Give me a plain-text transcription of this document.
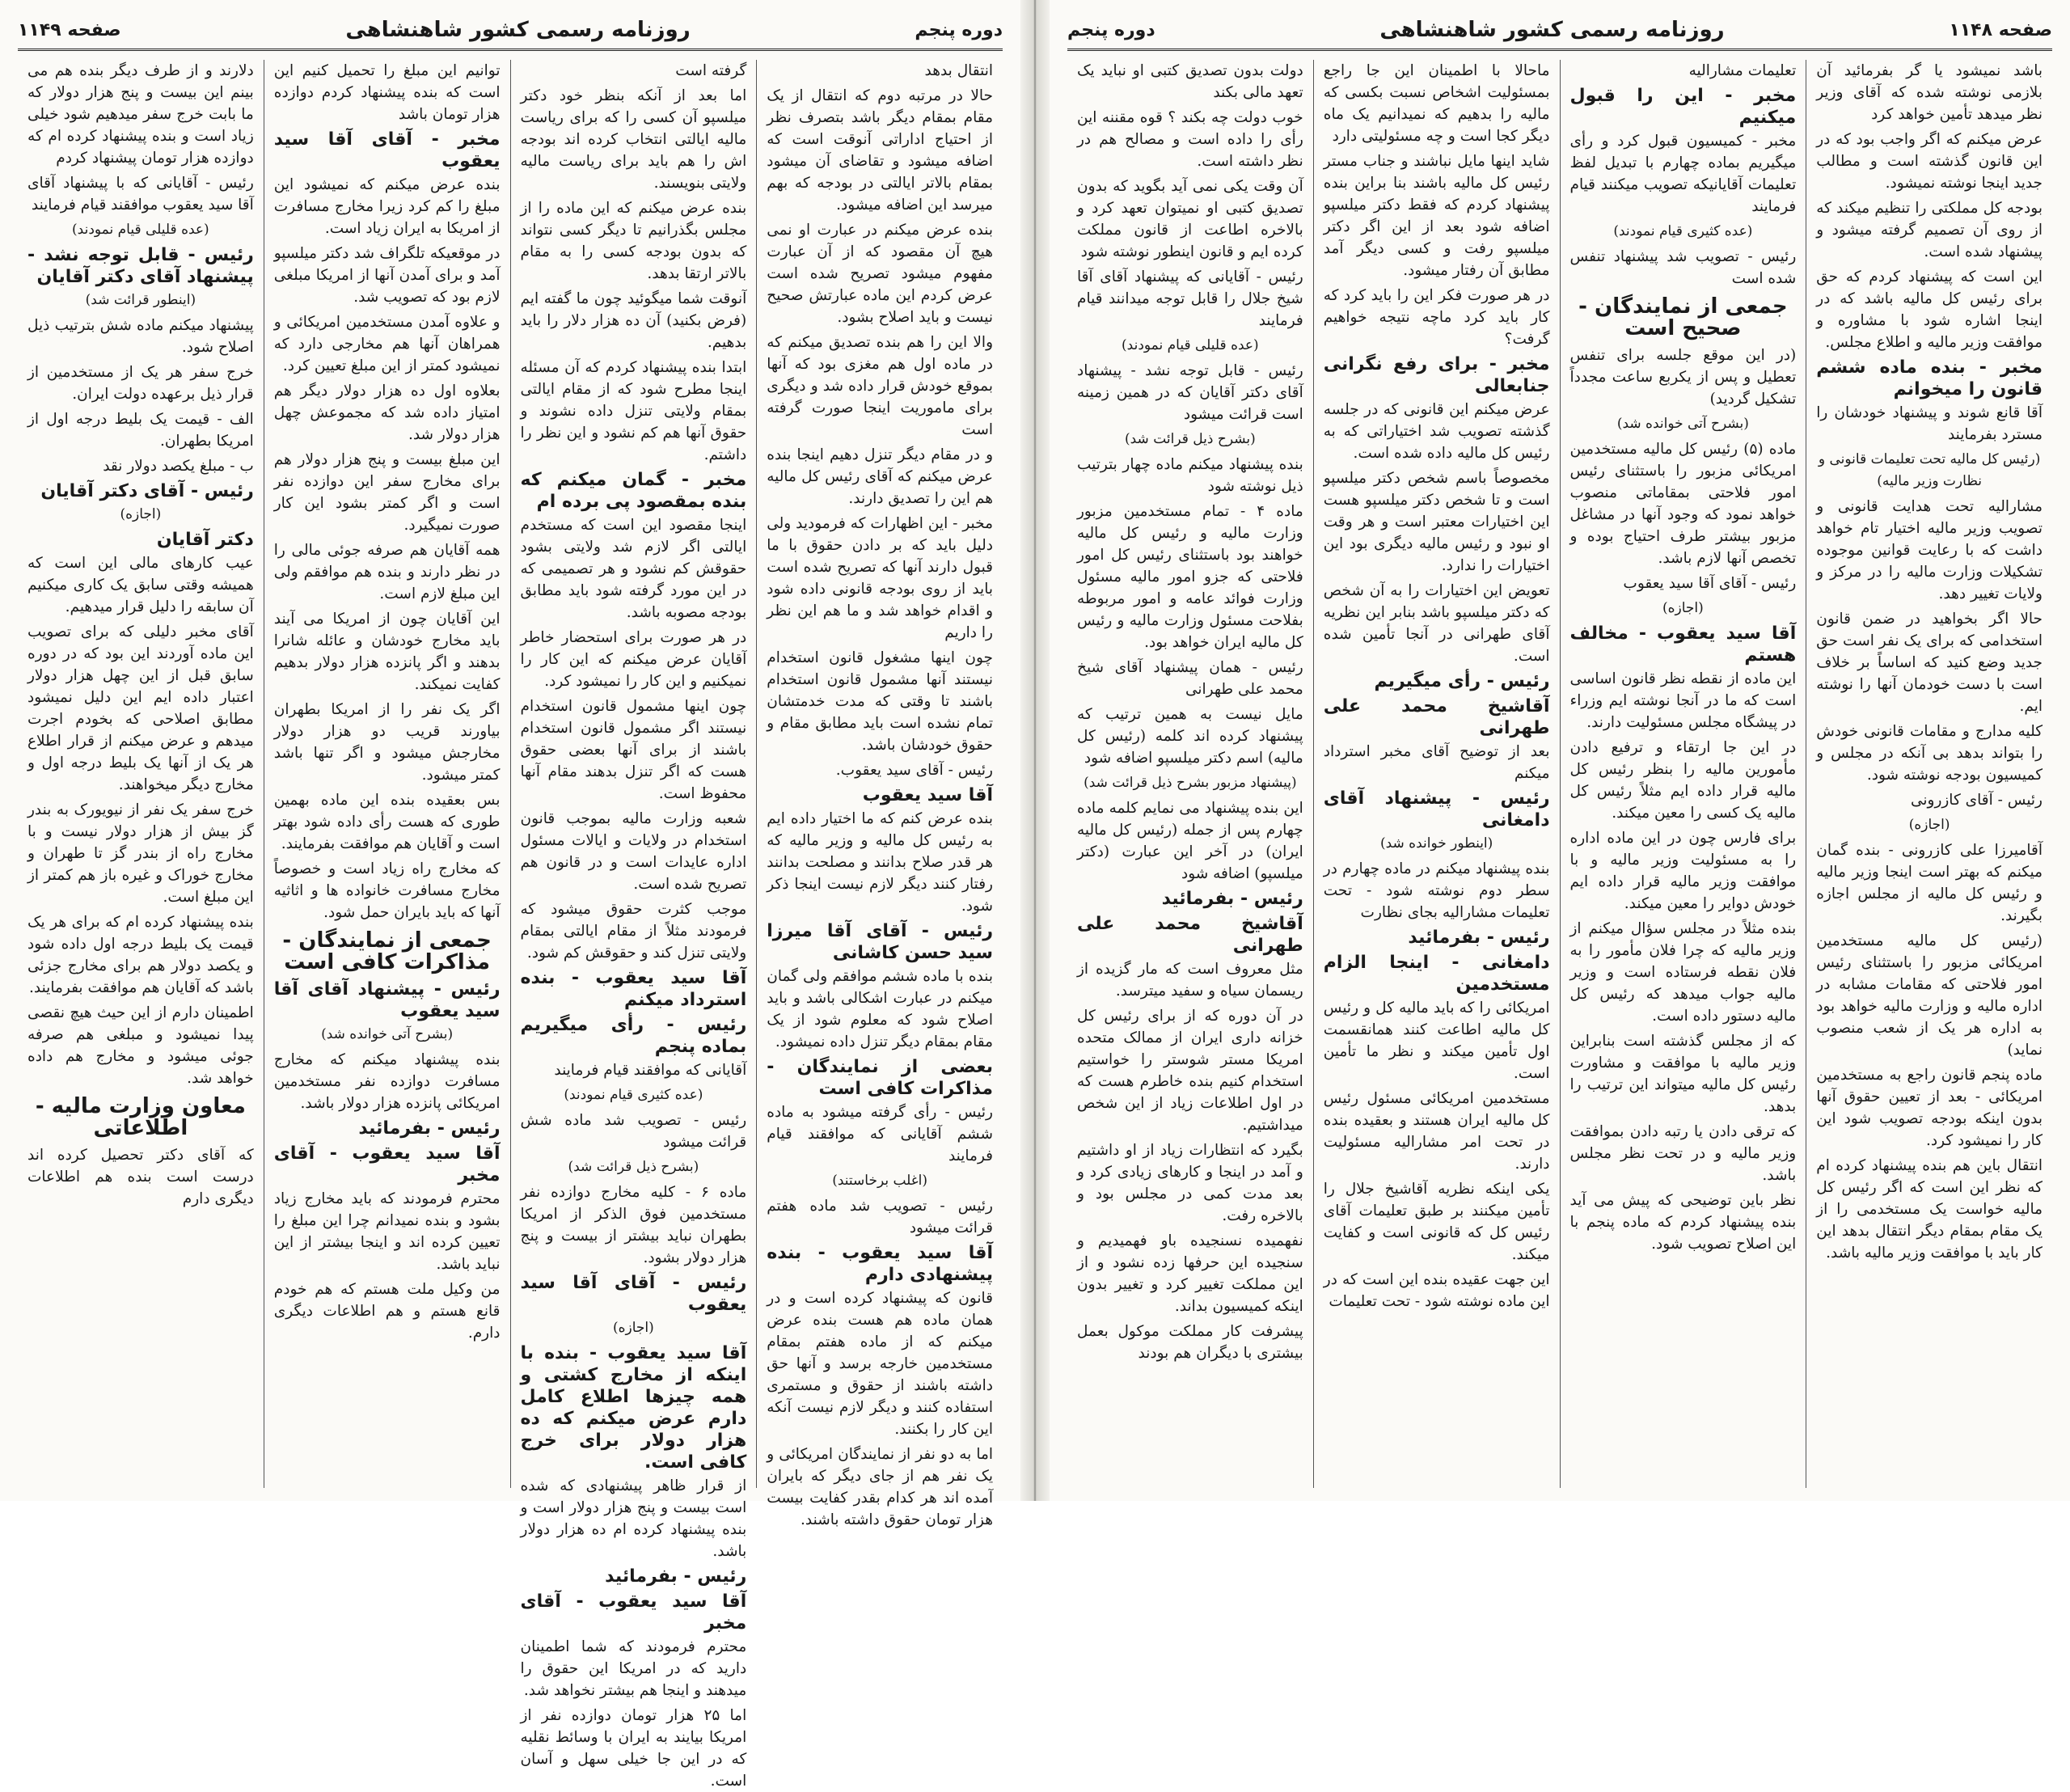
دوره پنجم
روزنامه رسمی کشور شاهنشاهی
صفحه ۱۱۴۹

انتقال بدهد

حالا در مرتبه دوم که انتقال از یک مقام بمقام دیگر باشد بتصرف نظر از احتیاج اداراتی آنوقت است که اضافه میشود و تقاضای آن میشود بمقام بالاتر ایالتی در بودجه که بهم میرسد این اضافه میشود.

بنده عرض میکنم در عبارت او نمی هیچ آن مقصود که از آن عبارت مفهوم میشود تصریح شده است عرض کردم این ماده عبارتش صحیح نیست و باید اصلاح بشود.

والا این را هم بنده تصدیق میکنم که در ماده اول هم مغزی بود که آنها بموقع خودش قرار داده شد و دیگری برای ماموریت اینجا صورت گرفته است

و در مقام دیگر تنزل دهیم اینجا بنده عرض میکنم که آقای رئیس کل مالیه هم این را تصدیق دارند.

مخبر - این اظهارات که فرمودید ولی دلیل باید که بر دادن حقوق با ما قبول دارند آنها که تصریح شده است باید از روی بودجه قانونی داده شود و اقدام خواهد شد و ما هم این نظر را داریم

چون اینها مشغول قانون استخدام نیستند آنها مشمول قانون استخدام باشند تا وقتی که مدت خدمتشان تمام نشده است باید مطابق مقام و حقوق خودشان باشد.

رئیس - آقای سید یعقوب.

آقا سید یعقوب

بنده عرض کنم که ما اختیار داده ایم به رئیس کل مالیه و وزیر مالیه که هر قدر صلاح بدانند و مصلحت بدانند رفتار کنند دیگر لازم نیست اینجا ذکر شود.

رئیس - آقای آقا میرزا سید حسن کاشانی

بنده با ماده ششم موافقم ولی گمان میکنم در عبارت اشکالی باشد و باید اصلاح شود که معلوم شود از یک مقام بمقام دیگر تنزل داده نمیشود.

بعضی از نمایندگان - مذاکرات کافی است

رئیس - رأی گرفته میشود به ماده ششم آقایانی که موافقند قیام فرمایند

(اغلب برخاستند)

رئیس - تصویب شد ماده هفتم قرائت میشود

آقا سید یعقوب - بنده پیشنهادی دارم

قانون که پیشنهاد کرده است و در همان ماده هم هست بنده عرض میکنم که از ماده هفتم بمقام مستخدمین خارجه برسد و آنها حق داشته باشند از حقوق و مستمری استفاده کنند و دیگر لازم نیست آنکه این کار را بکنند.

اما به دو نفر از نمایندگان امریکائی و یک نفر هم از جای دیگر که بایران آمده اند هر کدام بقدر کفایت بیست هزار تومان حقوق داشته باشند.

گرفته است

اما بعد از آنکه بنظر خود دکتر میلسپو آن کسی را که برای ریاست مالیه ایالتی انتخاب کرده اند بودجه اش را هم باید برای ریاست مالیه ولایتی بنویسند.

بنده عرض میکنم که این ماده را از مجلس بگذرانیم تا دیگر کسی نتواند که بدون بودجه کسی را به مقام بالاتر ارتقا بدهد.

آنوقت شما میگوئید چون ما گفته ایم (فرض بکنید) آن ده هزار دلار را باید بدهیم.

ابتدا بنده پیشنهاد کردم که آن مسئله اینجا مطرح شود که از مقام ایالتی بمقام ولایتی تنزل داده نشوند و حقوق آنها هم کم نشود و این نظر را داشتم.

مخبر - گمان میکنم که بنده بمقصود پی برده ام

اینجا مقصود این است که مستخدم ایالتی اگر لازم شد ولایتی بشود حقوقش کم نشود و هر تصمیمی که در این مورد گرفته شود باید مطابق بودجه مصوبه باشد.

در هر صورت برای استحضار خاطر آقایان عرض میکنم که این کار را نمیکنیم و این کار را نمیشود کرد.

چون اینها مشمول قانون استخدام نیستند اگر مشمول قانون استخدام باشند از برای آنها بعضی حقوق هست که اگر تنزل بدهند مقام آنها محفوظ است.

شعبه وزارت مالیه بموجب قانون استخدام در ولایات و ایالات مسئول اداره عایدات است و در قانون هم تصریح شده است.

موجب کثرت حقوق میشود که فرمودند مثلاً از مقام ایالتی بمقام ولایتی تنزل کند و حقوقش کم شود.

آقا سید یعقوب - بنده استرداد میکنم
رئیس - رأی میگیریم بماده پنجم

آقایانی که موافقند قیام فرمایند

(عده کثیری قیام نمودند)

رئیس - تصویب شد ماده شش قرائت میشود

(بشرح ذیل قرائت شد)

ماده ۶ - کلیه مخارج دوازده نفر مستخدمین فوق الذکر از امریکا بطهران نباید بیشتر از بیست و پنج هزار دولار بشود.

رئیس - آقای آقا سید یعقوب
(اجازه)
آقا سید یعقوب - بنده با اینکه از مخارج کشتی و همه چیزها اطلاع کامل دارم عرض میکنم که ده هزار دولار برای خرج کافی است.

از قرار ظاهر پیشنهادی که شده است بیست و پنج هزار دولار است و بنده پیشنهاد کرده ام ده هزار دولار باشد.

رئیس - بفرمائید
آقا سید یعقوب - آقای مخبر

محترم فرمودند که شما اطمینان دارید که در امریکا این حقوق را میدهند و اینجا هم بیشتر نخواهد شد.

اما ۲۵ هزار تومان دوازده نفر از امریکا بیایند به ایران با وسائط نقلیه که در این جا خیلی سهل و آسان است.

توانیم این مبلغ را تحمیل کنیم این است که بنده پیشنهاد کردم دوازده هزار تومان باشد

مخبر - آقای آقا سید یعقوب

بنده عرض میکنم که نمیشود این مبلغ را کم کرد زیرا مخارج مسافرت از امریکا به ایران زیاد است.

در موقعیکه تلگراف شد دکتر میلسپو آمد و برای آمدن آنها از امریکا مبلغی لازم بود که تصویب شد.

و علاوه آمدن مستخدمین امریکائی و همراهان آنها هم مخارجی دارد که نمیشود کمتر از این مبلغ تعیین کرد.

بعلاوه اول ده هزار دولار دیگر هم امتیاز داده شد که مجموعش چهل هزار دولار شد.

این مبلغ بیست و پنج هزار دولار هم برای مخارج سفر این دوازده نفر است و اگر کمتر بشود این کار صورت نمیگیرد.

همه آقایان هم صرفه جوئی مالی را در نظر دارند و بنده هم موافقم ولی این مبلغ لازم است.

این آقایان چون از امریکا می آیند باید مخارج خودشان و عائله شانرا بدهند و اگر پانزده هزار دولار بدهیم کفایت نمیکند.

اگر یک نفر را از امریکا بطهران بیاورند قریب دو هزار دولار مخارجش میشود و اگر تنها باشد کمتر میشود.

بس بعقیده بنده این ماده بهمین طوری که هست رأی داده شود بهتر است و آقایان هم موافقت بفرمایند.

که مخارج راه زیاد است و خصوصاً مخارج مسافرت خانواده ها و اثاثیه آنها که باید بایران حمل شود.

جمعی از نمایندگان - مذاکرات کافی است
رئیس - پیشنهاد آقای آقا سید یعقوب
(بشرح آتی خوانده شد)

بنده پیشنهاد میکنم که مخارج مسافرت دوازده نفر مستخدمین امریکائی پانزده هزار دولار باشد.

رئیس - بفرمائید
آقا سید یعقوب - آقای مخبر

محترم فرمودند که باید مخارج زیاد بشود و بنده نمیدانم چرا این مبلغ را تعیین کرده اند و اینجا بیشتر از این نباید باشد.

من وکیل ملت هستم که هم خودم قانع هستم و هم اطلاعات دیگری دارم.

دلارند و از طرف دیگر بنده هم می بینم این بیست و پنج هزار دولار که ما بابت خرج سفر میدهیم شود خیلی زیاد است و بنده پیشنهاد کرده ام که دوازده هزار تومان پیشنهاد کردم

رئیس - آقایانی که با پیشنهاد آقای آقا سید یعقوب موافقند قیام فرمایند

(عده قلیلی قیام نمودند)
رئیس - قابل توجه نشد - پیشنهاد آقای دکتر آقایان
(اینطور قرائت شد)

پیشنهاد میکنم ماده شش بترتیب ذیل اصلاح شود.

خرج سفر هر یک از مستخدمین از قرار ذیل برعهده دولت ایران.

الف - قیمت یک بلیط درجه اول از امریکا بطهران.

ب - مبلغ یکصد دولار نقد

رئیس - آقای دکتر آقایان
(اجازه)
دکتر آقایان

عیب کارهای مالی این است که همیشه وقتی سابق یک کاری میکنیم آن سابقه را دلیل قرار میدهیم.

آقای مخبر دلیلی که برای تصویب این ماده آوردند این بود که در دوره سابق قبل از این چهل هزار دولار اعتبار داده ایم این دلیل نمیشود مطابق اصلاحی که بخودم اجرت میدهم و عرض میکنم از قرار اطلاع هر یک از آنها یک بلیط درجه اول و مخارج دیگر میخواهند.

خرج سفر یک نفر از نیویورک به بندر گز بیش از هزار دولار نیست و با مخارج راه از بندر گز تا طهران و مخارج خوراک و غیره باز هم کمتر از این مبلغ است.

بنده پیشنهاد کرده ام که برای هر یک قیمت یک بلیط درجه اول داده شود و یکصد دولار هم برای مخارج جزئی باشد که آقایان هم موافقت بفرمایند.

اطمینان دارم از این حیث هیچ نقصی پیدا نمیشود و مبلغی هم صرفه جوئی میشود و مخارج هم داده خواهد شد.

معاون وزارت مالیه - اطلاعاتی

که آقای دکتر تحصیل کرده اند درست است بنده هم اطلاعات دیگری دارم

صفحه ۱۱۴۸
روزنامه رسمی کشور شاهنشاهی
دوره پنجم

باشد نمیشود یا گر بفرمائید آن بلازمی نوشته شده که آقای وزیر نظر میدهد تأمین خواهد کرد

عرض میکنم که اگر واجب بود که در این قانون گذشته است و مطالب جدید اینجا نوشته نمیشود.

بودجه کل مملکتی را تنظیم میکند که از روی آن تصمیم گرفته میشود و پیشنهاد شده است.

این است که پیشنهاد کردم که حق برای رئیس کل مالیه باشد که در اینجا اشاره شود با مشاوره و موافقت وزیر مالیه و اطلاع مجلس.

مخبر - بنده ماده ششم قانون را میخوانم

آقا قانع شوند و پیشنهاد خودشان را مسترد بفرمایند

(رئیس کل مالیه تحت تعلیمات قانونی و نظارت وزیر مالیه)

مشارالیه تحت هدایت قانونی و تصویب وزیر مالیه اختیار تام خواهد داشت که با رعایت قوانین موجوده تشکیلات وزارت مالیه را در مرکز و ولایات تغییر دهد.

حالا اگر بخواهید در ضمن قانون استخدامی که برای یک نفر است حق جدید وضع کنید که اساساً بر خلاف است با دست خودمان آنها را نوشته ایم.

کلیه مدارج و مقامات قانونی خودش را بتواند بدهد بی آنکه در مجلس و کمیسیون بودجه نوشته شود.

رئیس - آقای کازرونی

(اجازه)

آقامیرزا علی کازرونی - بنده گمان میکنم که بهتر است اینجا وزیر مالیه و رئیس کل مالیه از مجلس اجازه بگیرند.

(رئیس کل مالیه مستخدمین امریکائی مزبور را باستثنای رئیس امور فلاحتی که مقامات مشابه در اداره مالیه و وزارت مالیه خواهد بود به اداره هر یک از شعب منصوب نماید)

ماده پنجم قانون راجع به مستخدمین امریکائی - بعد از تعیین حقوق آنها بدون اینکه بودجه تصویب شود این کار را نمیشود کرد.

انتقال باین هم بنده پیشنهاد کرده ام که نظر این است که اگر رئیس کل مالیه خواست یک مستخدمی را از یک مقام بمقام دیگر انتقال بدهد این کار باید با موافقت وزیر مالیه باشد.

تعلیمات مشارالیه

مخبر - این را قبول میکنیم

مخبر - کمیسیون قبول کرد و رأی میگیریم بماده چهارم با تبدیل لفظ تعلیمات آقایانیکه تصویب میکنند قیام فرمایند

(عده کثیری قیام نمودند)

رئیس - تصویب شد پیشنهاد تنفس شده است

جمعی از نمایندگان - صحیح است

(در این موقع جلسه برای تنفس تعطیل و پس از یکربع ساعت مجدداً تشکیل گردید)

(بشرح آتی خوانده شد)

ماده (۵) رئیس کل مالیه مستخدمین امریکائی مزبور را باستثنای رئیس امور فلاحتی بمقاماتی منصوب خواهد نمود که وجود آنها در مشاغل مزبور بیشتر طرف احتیاج بوده و تخصص آنها لازم باشد.

رئیس - آقای آقا سید یعقوب

(اجازه)
آقا سید یعقوب - مخالف هستم

این ماده از نقطه نظر قانون اساسی است که ما در آنجا نوشته ایم وزراء در پیشگاه مجلس مسئولیت دارند.

در این جا ارتقاء و ترفیع دادن مأمورین مالیه را بنظر رئیس کل مالیه قرار داده ایم مثلاً رئیس کل مالیه یک کسی را معین میکند.

برای فارس چون در این ماده اداره را به مسئولیت وزیر مالیه و با موافقت وزیر مالیه قرار داده ایم خودش دوایر را معین میکند.

بنده مثلاً در مجلس سؤال میکنم از وزیر مالیه که چرا فلان مأمور را به فلان نقطه فرستاده است و وزیر مالیه جواب میدهد که رئیس کل مالیه دستور داده است.

که از مجلس گذشته است بنابراین وزیر مالیه با موافقت و مشاورت رئیس کل مالیه میتواند این ترتیب را بدهد.

که ترقی دادن یا رتبه دادن بموافقت وزیر مالیه و در تحت نظر مجلس باشد.

نظر باین توضیحی که پیش می آید بنده پیشنهاد کردم که ماده پنجم با این اصلاح تصویب شود.

ماحالا با اطمینان این جا راجع بمسئولیت اشخاص نسبت بکسی که مالیه را بدهیم که نمیدانیم یک ماه دیگر کجا است و چه مسئولیتی دارد

شاید اینها مایل نباشند و جناب مستر رئیس کل مالیه باشند بنا براین بنده پیشنهاد کردم که فقط دکتر میلسپو اضافه شود بعد از این اگر دکتر میلسپو رفت و کسی دیگر آمد مطابق آن رفتار میشود.

در هر صورت فکر این را باید کرد که کار باید کرد ماچه نتیجه خواهیم گرفت؟

مخبر - برای رفع نگرانی جنابعالی

عرض میکنم این قانونی که در جلسه گذشته تصویب شد اختیاراتی که به رئیس کل مالیه داده شده است.

مخصوصاً باسم شخص دکتر میلسپو است و تا شخص دکتر میلسپو هست این اختیارات معتبر است و هر وقت او نبود و رئیس مالیه دیگری بود این اختیارات را ندارد.

تعویض این اختیارات را به آن شخص که دکتر میلسپو باشد بنابر این نظریه آقای طهرانی در آنجا تأمین شده است.

رئیس - رأی میگیریم
آقاشیخ محمد علی طهرانی

بعد از توضیح آقای مخبر استرداد میکنم

رئیس - پیشنهاد آقای دامغانی
(اینطور خوانده شد)

بنده پیشنهاد میکنم در ماده چهارم در سطر دوم نوشته شود - تحت تعلیمات مشارالیه بجای نظارت

رئیس - بفرمائید
دامغانی - اینجا الزام مستخدمین

امریکائی را که باید مالیه کل و رئیس کل مالیه اطاعت کنند همانقسمت اول تأمین میکند و نظر ما تأمین است.

مستخدمین امریکائی مسئول رئیس کل مالیه ایران هستند و بعقیده بنده در تحت امر مشارالیه مسئولیت دارند.

یکی اینکه نظریه آقاشیخ جلال را تأمین میکنند بر طبق تعلیمات آقای رئیس کل که قانونی است و کفایت میکند.

این جهت عقیده بنده این است که در این ماده نوشته شود - تحت تعلیمات

دولت بدون تصدیق کتبی او نباید یک تعهد مالی بکند

خوب دولت چه بکند ؟ قوه مقننه این رأی را داده است و مصالح هم در نظر داشته است.

آن وقت یکی نمی آید بگوید که بدون تصدیق کتبی او نمیتوان تعهد کرد و بالاخره اطاعت از قانون مملکت کرده ایم و قانون اینطور نوشته شود

رئیس - آقایانی که پیشنهاد آقای آقا شیخ جلال را قابل توجه میدانند قیام فرمایند

(عده قلیلی قیام نمودند)

رئیس - قابل توجه نشد - پیشنهاد آقای دکتر آقایان که در همین زمینه است قرائت میشود

(بشرح ذیل قرائت شد)

بنده پیشنهاد میکنم ماده چهار بترتیب ذیل نوشته شود

ماده ۴ - تمام مستخدمین مزبور وزارت مالیه و رئیس کل مالیه خواهند بود باستثنای رئیس کل امور فلاحتی که جزو امور مالیه مسئول وزارت فوائد عامه و امور مربوطه بفلاحت مسئول وزارت مالیه و رئیس کل مالیه ایران خواهد بود.

رئیس - همان پیشنهاد آقای شیخ محمد علی طهرانی

مایل نیست به همین ترتیب که پیشنهاد کرده اند کلمه (رئیس کل مالیه) اسم دکتر میلسپو اضافه شود

(پیشنهاد مزبور بشرح ذیل قرائت شد)

این بنده پیشنهاد می نمایم کلمه ماده چهارم پس از جمله (رئیس کل مالیه ایران) در آخر این عبارت (دکتر میلسپو) اضافه شود

رئیس - بفرمائید
آقاشیخ محمد علی طهرانی

مثل معروف است که مار گزیده از ریسمان سیاه و سفید میترسد.

در آن دوره که از برای رئیس کل خزانه داری ایران از ممالک متحده امریکا مستر شوستر را خواستیم استخدام کنیم بنده خاطرم هست که در اول اطلاعات زیاد از این شخص میداشتیم.

بگیرد که انتظارات زیاد از او داشتیم و آمد در اینجا و کارهای زیادی کرد و بعد مدت کمی در مجلس بود و بالاخره رفت.

نفهمیده نسنجیده باو فهمیدیم و سنجیده این حرفها زده نشود و از این مملکت تغییر کرد و تغییر بدون اینکه کمیسیون بداند.

پیشرفت کار مملکت موکول بعمل بیشتری با دیگران هم بودند
